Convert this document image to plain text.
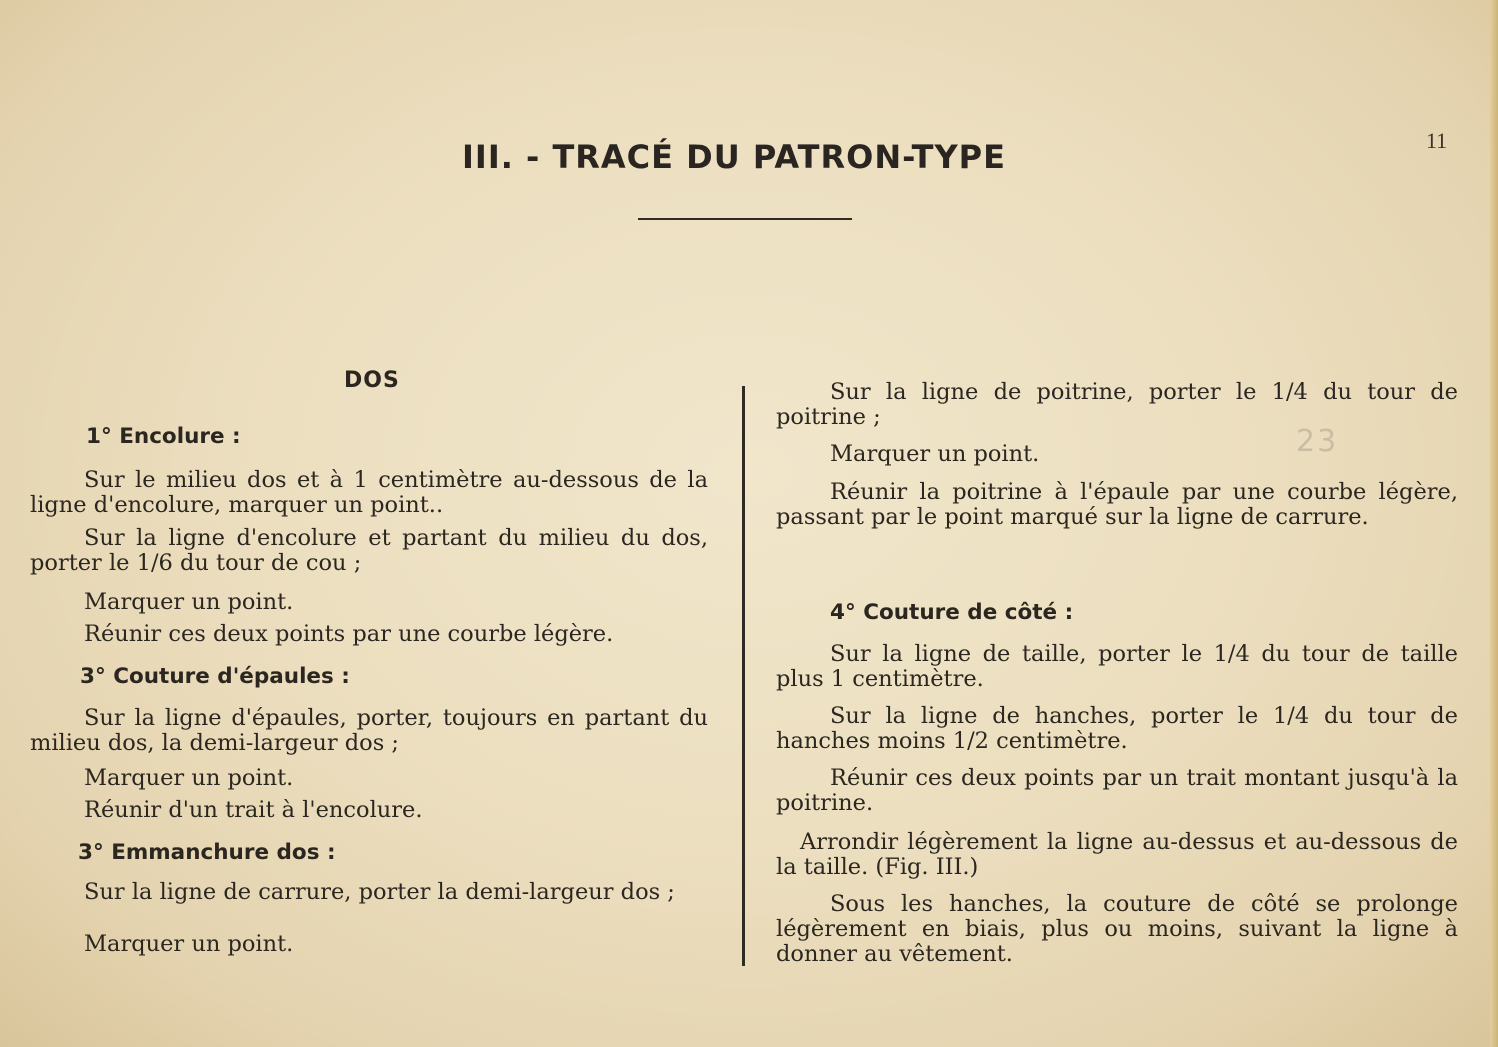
11
III. - TRACÉ DU PATRON-TYPE
DOS
23
1° Encolure :
Sur le milieu dos et à 1 centimètre au-dessous de la ligne d'encolure, marquer un point..
Sur la ligne d'encolure et partant du milieu du dos, porter le 1/6 du tour de cou ;
Marquer un point.
Réunir ces deux points par une courbe légère.
3° Couture d'épaules :
Sur la ligne d'épaules, porter, toujours en partant du milieu dos, la demi-largeur dos ;
Marquer un point.
Réunir d'un trait à l'encolure.
3° Emmanchure dos :
Sur la ligne de carrure, porter la demi-largeur dos ;
Marquer un point.
Sur la ligne de poitrine, porter le 1/4 du tour de poitrine ;
Marquer un point.
Réunir la poitrine à l'épaule par une courbe légère, passant par le point marqué sur la ligne de carrure.
4° Couture de côté :
Sur la ligne de taille, porter le 1/4 du tour de taille plus 1 centimètre.
Sur la ligne de hanches, porter le 1/4 du tour de hanches moins 1/2 centimètre.
Réunir ces deux points par un trait montant jusqu'à la poitrine.
Arrondir légèrement la ligne au-dessus et au-dessous de la taille. (Fig. III.)
Sous les hanches, la couture de côté se prolonge légèrement en biais, plus ou moins, suivant la ligne à donner au vêtement.
